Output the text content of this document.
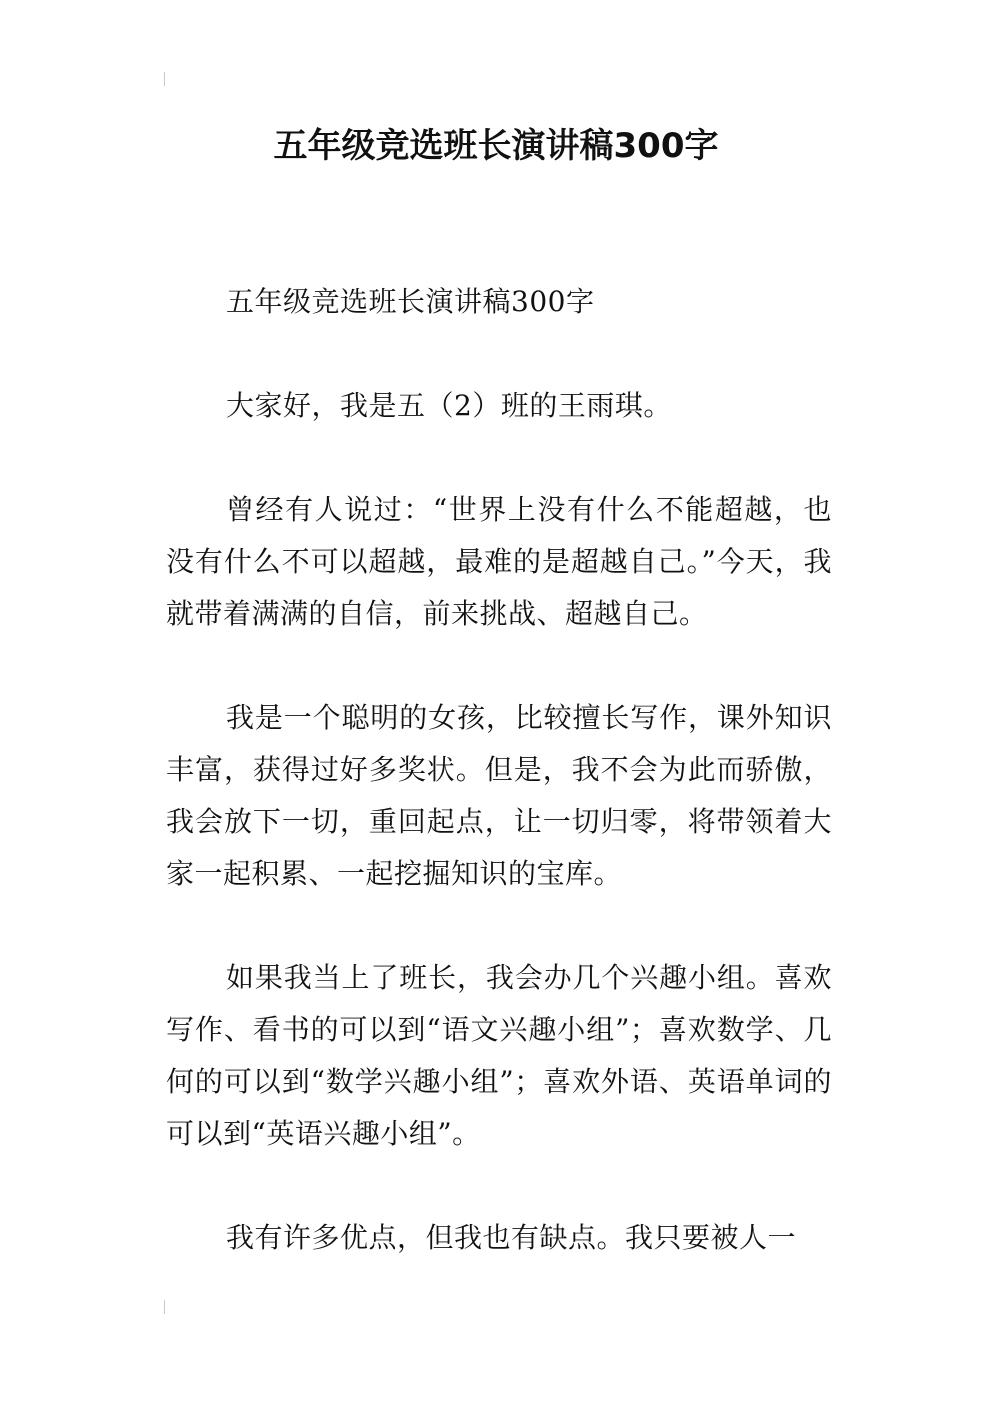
五年级竞选班长演讲稿300字

五年级竞选班长演讲稿300字

大家好，我是五（2）班的王雨琪。

曾经有人说过：“世界上没有什么不能超越，也没有什么不可以超越，最难的是超越自己。”今天，我就带着满满的自信，前来挑战、超越自己。

我是一个聪明的女孩，比较擅长写作，课外知识丰富，获得过好多奖状。但是，我不会为此而骄傲，我会放下一切，重回起点，让一切归零，将带领着大家一起积累、一起挖掘知识的宝库。

如果我当上了班长，我会办几个兴趣小组。喜欢写作、看书的可以到“语文兴趣小组”；喜欢数学、几何的可以到“数学兴趣小组”；喜欢外语、英语单词的可以到“英语兴趣小组”。

我有许多优点，但我也有缺点。我只要被人一
